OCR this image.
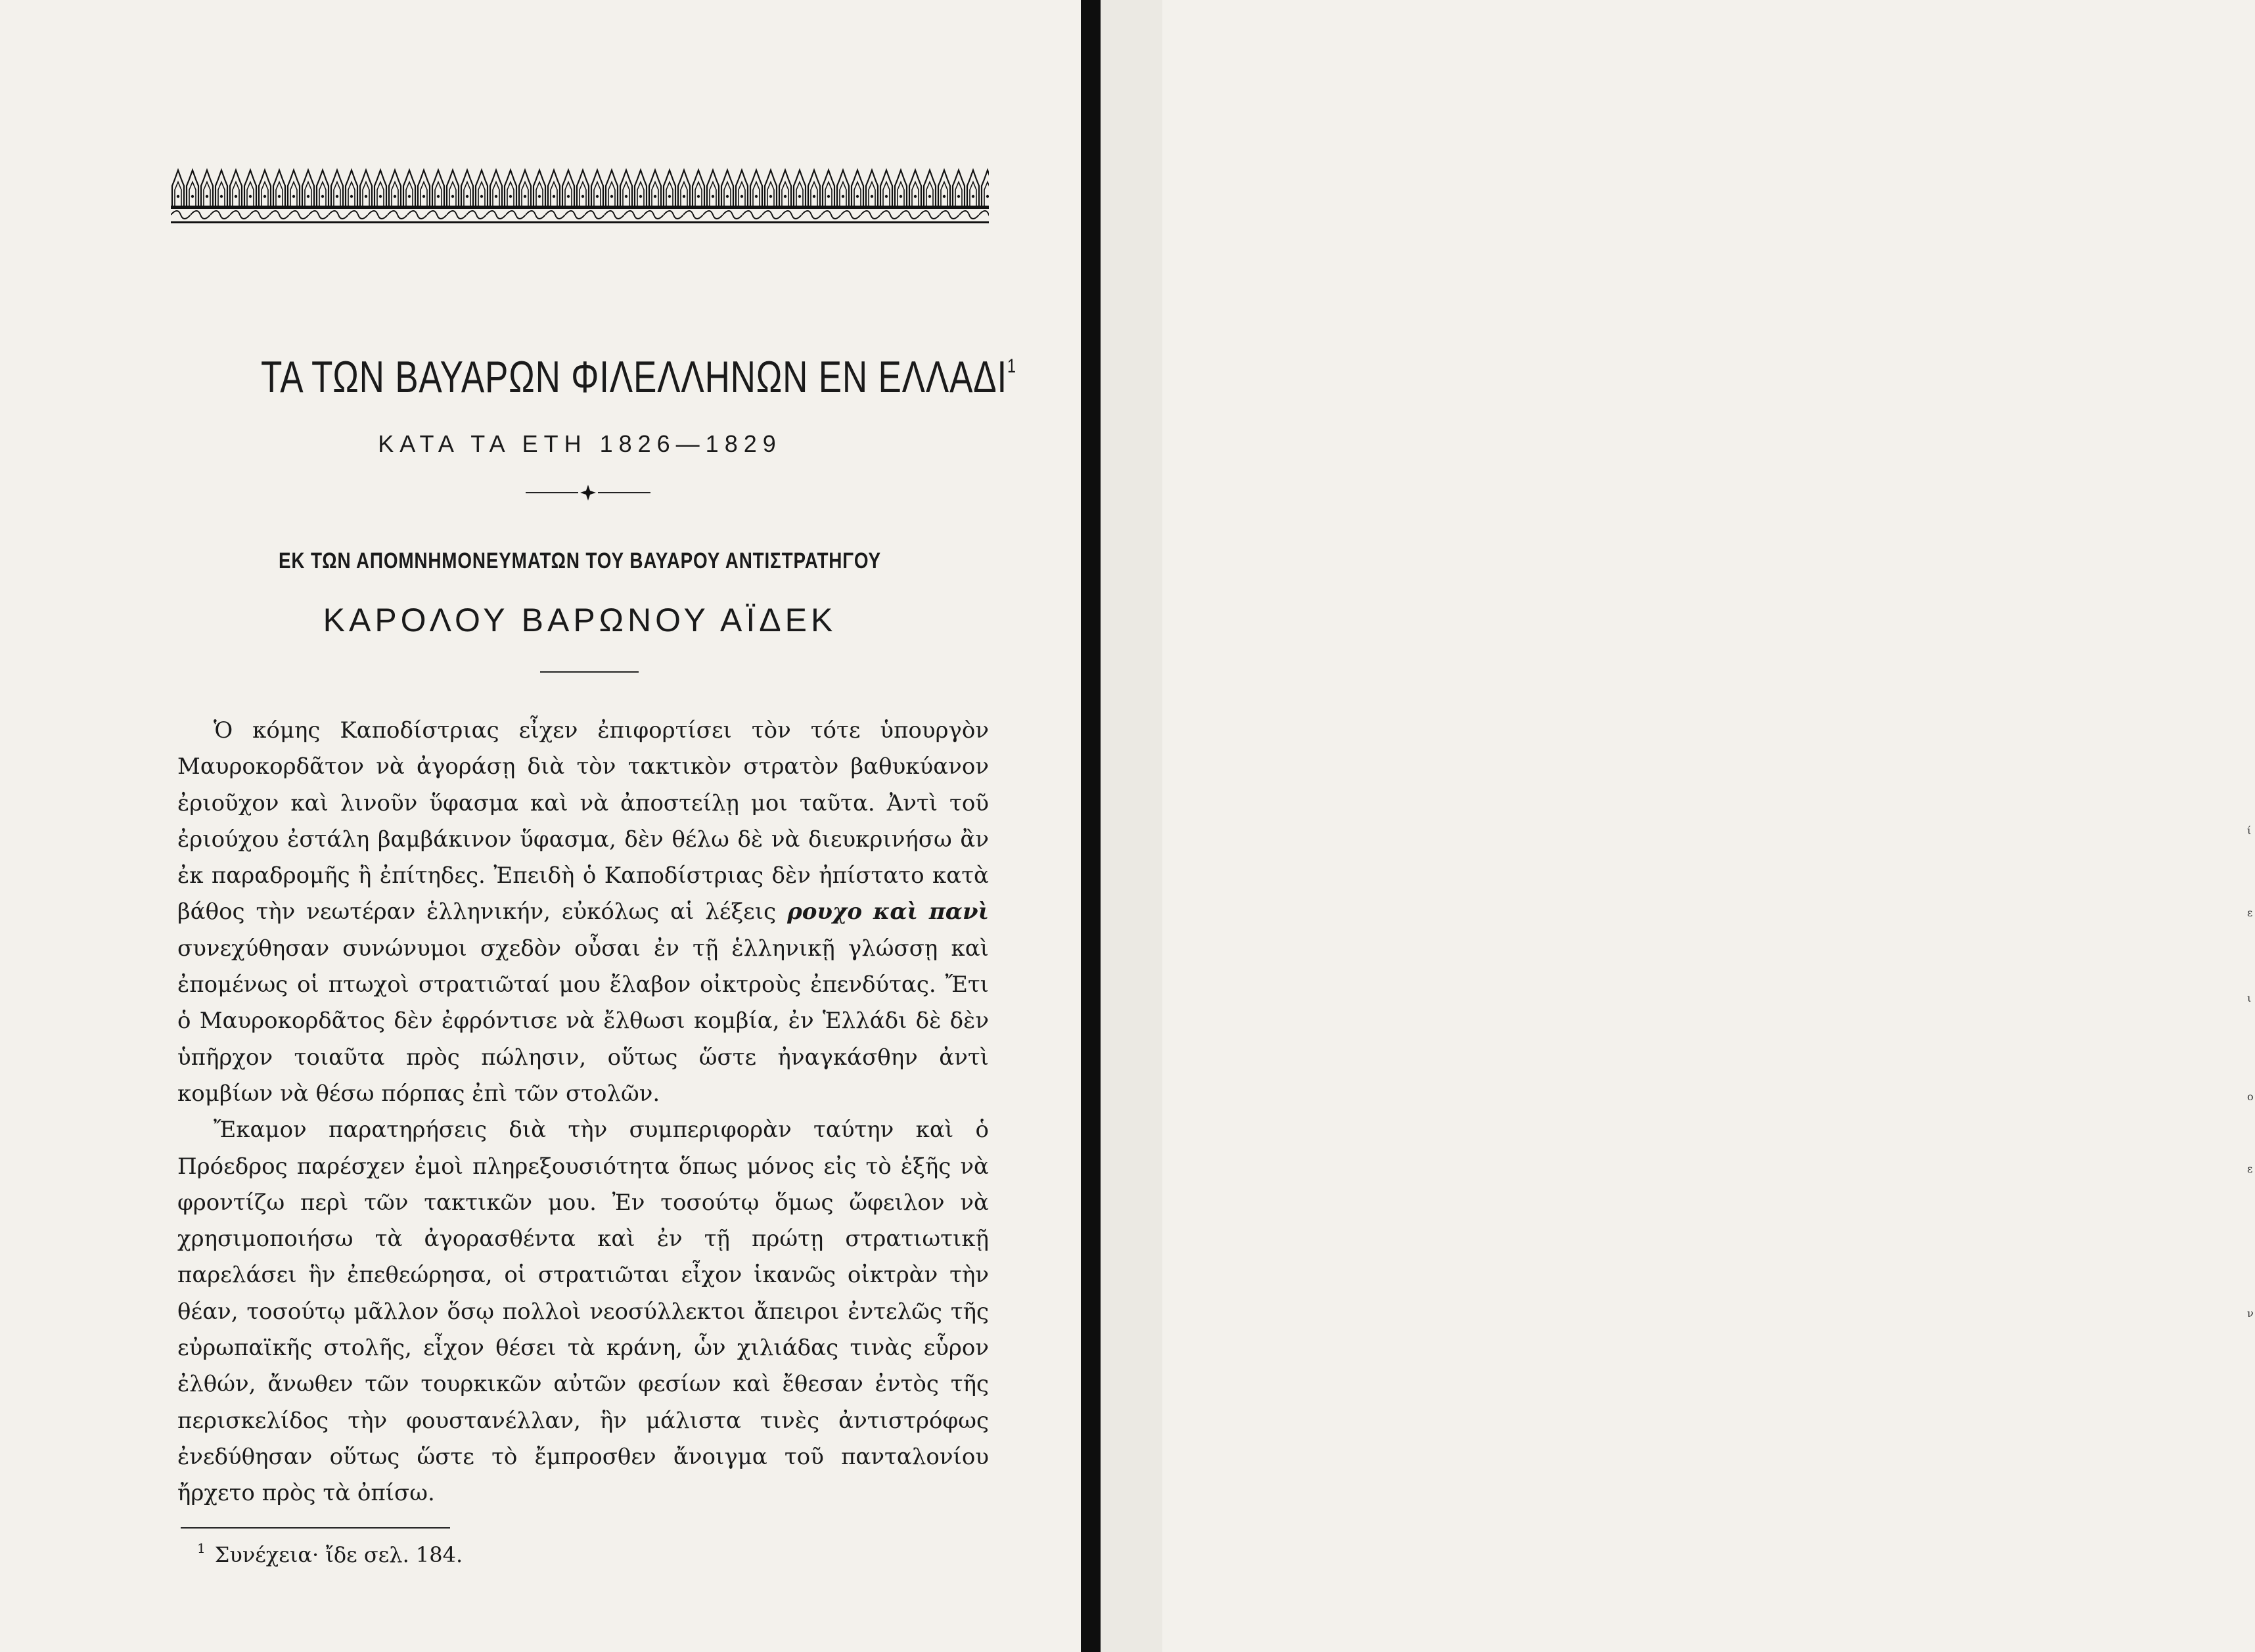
ί
ε
ι
ο
ε
ν
ΤΑ ΤΩΝ ΒΑΥΑΡΩΝ ΦΙΛΕΛΛΗΝΩΝ ΕΝ ΕΛΛΑΔΙ$^1$
ΚΑΤΑ ΤΑ ΕΤΗ 1826—1829
ΕΚ ΤΩΝ ΑΠΟΜΝΗΜΟΝΕΥΜΑΤΩΝ ΤΟΥ ΒΑΥΑΡΟΥ ΑΝΤΙΣΤΡΑΤΗΓΟΥ
ΚΑΡΟΛΟΥ ΒΑΡΩΝΟΥ ΑΪΔΕΚ

Ὁ κόμης Καποδίστριας εἶχεν ἐπιφορτίσει τὸν τότε ὑπουργὸν Μαυροκορδᾶτον νὰ ἀγοράσῃ διὰ τὸν τακτικὸν στρατὸν βαθυκύανον ἐριοῦχον καὶ λινοῦν ὕφασμα καὶ νὰ ἀποστείλῃ μοι ταῦτα. Ἀντὶ τοῦ ἐριούχου ἐστάλη βαμβάκινον ὕφασμα, δὲν θέλω δὲ νὰ διευκρινήσω ἂν ἐκ παραδρομῆς ἢ ἐπίτηδες. Ἐπειδὴ ὁ Καποδίστριας δὲν ἠπίστατο κατὰ βάθος τὴν νεωτέραν ἑλληνικήν, εὐκόλως αἱ λέξεις ρουχο καὶ πανὶ συνεχύθησαν συνώνυμοι σχεδὸν οὖσαι ἐν τῇ ἑλληνικῇ γλώσσῃ καὶ ἐπομένως οἱ πτωχοὶ στρατιῶταί μου ἔλαβον οἰκτροὺς ἐπενδύτας. Ἔτι ὁ Μαυροκορδᾶτος δὲν ἐφρόντισε νὰ ἔλθωσι κομβία, ἐν Ἑλλάδι δὲ δὲν ὑπῆρχον τοιαῦτα πρὸς πώλησιν, οὕτως ὥστε ἠναγκάσθην ἀντὶ κομβίων νὰ θέσω πόρπας ἐπὶ τῶν στολῶν.

Ἔκαμον παρατηρήσεις διὰ τὴν συμπεριφορὰν ταύτην καὶ ὁ Πρόεδρος παρέσχεν ἐμοὶ πληρεξουσιότητα ὅπως μόνος εἰς τὸ ἑξῆς νὰ φροντίζω περὶ τῶν τακτικῶν μου. Ἐν τοσούτῳ ὅμως ὤφειλον νὰ χρησιμοποιήσω τὰ ἀγορασθέντα καὶ ἐν τῇ πρώτῃ στρατιωτικῇ παρελάσει ἣν ἐπεθεώρησα, οἱ στρατιῶται εἶχον ἱκανῶς οἰκτρὰν τὴν θέαν, τοσούτῳ μᾶλλον ὅσῳ πολλοὶ νεοσύλλεκτοι ἄπειροι ἐντελῶς τῆς εὐρωπαϊκῆς στολῆς, εἶχον θέσει τὰ κράνη, ὧν χιλιάδας τινὰς εὗρον ἐλθών, ἄνωθεν τῶν τουρκικῶν αὐτῶν φεσίων καὶ ἔθεσαν ἐντὸς τῆς περισκελίδος τὴν φουστανέλλαν, ἣν μάλιστα τινὲς ἀντιστρόφως ἐνεδύθησαν οὕτως ὥστε τὸ ἔμπροσθεν ἄνοιγμα τοῦ πανταλονίου ἤρχετο πρὸς τὰ ὀπίσω.

$^1$ Συνέχεια· ἴδε σελ. 184.
